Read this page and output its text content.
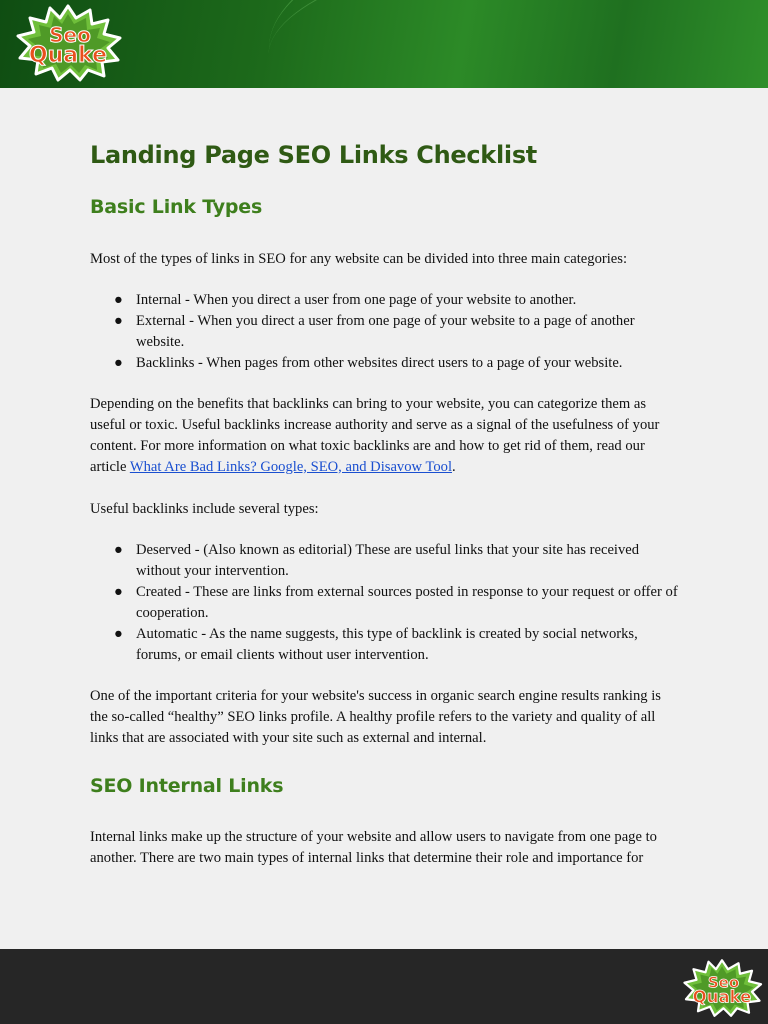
Seo
Quake
Landing Page SEO Links Checklist
Basic Link Types

Most of the types of links in SEO for any website can be divided into three main categories:

● Internal - When you direct a user from one page of your website to another.
● External - When you direct a user from one page of your website to a page of another website.
● Backlinks - When pages from other websites direct users to a page of your website.

Depending on the benefits that backlinks can bring to your website, you can categorize them as useful or toxic. Useful backlinks increase authority and serve as a signal of the usefulness of your content. For more information on what toxic backlinks are and how to get rid of them, read our article What Are Bad Links? Google, SEO, and Disavow Tool.

Useful backlinks include several types:

● Deserved - (Also known as editorial) These are useful links that your site has received without your intervention.
● Created - These are links from external sources posted in response to your request or offer of cooperation.
● Automatic - As the name suggests, this type of backlink is created by social networks, forums, or email clients without user intervention.

One of the important criteria for your website's success in organic search engine results ranking is the so-called “healthy” SEO links profile. A healthy profile refers to the variety and quality of all links that are associated with your site such as external and internal.

SEO Internal Links

Internal links make up the structure of your website and allow users to navigate from one page to another. There are two main types of internal links that determine their role and importance for

Seo
Quake
